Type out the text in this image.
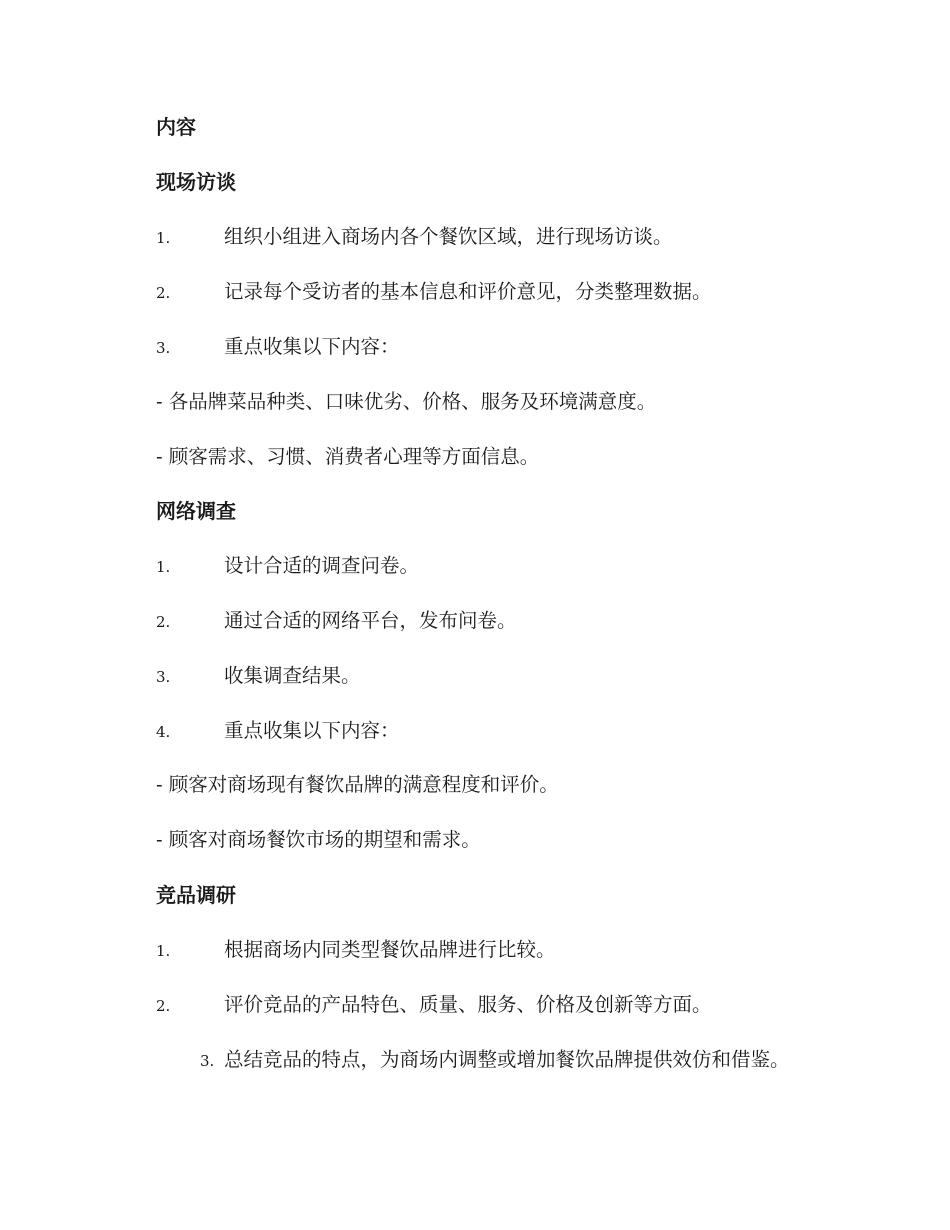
内容
现场访谈
1.	组织小组进入商场内各个餐饮区域，进行现场访谈。
2.	记录每个受访者的基本信息和评价意见，分类整理数据。
3.	重点收集以下内容：
- 各品牌菜品种类、口味优劣、价格、服务及环境满意度。
- 顾客需求、习惯、消费者心理等方面信息。
网络调查
1.	设计合适的调查问卷。
2.	通过合适的网络平台，发布问卷。
3.	收集调查结果。
4.	重点收集以下内容：
- 顾客对商场现有餐饮品牌的满意程度和评价。
- 顾客对商场餐饮市场的期望和需求。
竞品调研
1.	根据商场内同类型餐饮品牌进行比较。
2.	评价竞品的产品特色、质量、服务、价格及创新等方面。
3. 总结竞品的特点，为商场内调整或增加餐饮品牌提供效仿和借鉴。
